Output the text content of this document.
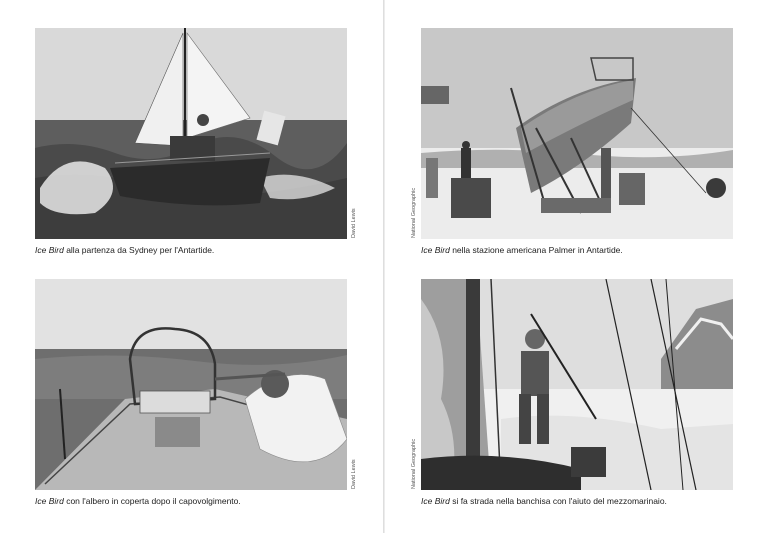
Ice Bird alla partenza da Sydney per l'Antartide.
David Lewis
Ice Bird nella stazione americana Palmer in Antartide.
National Geographic
Ice Bird con l'albero in coperta dopo il capovolgimento.
David Lewis
Ice Bird si fa strada nella banchisa con l'aiuto del mezzomarinaio.
National Geographic
